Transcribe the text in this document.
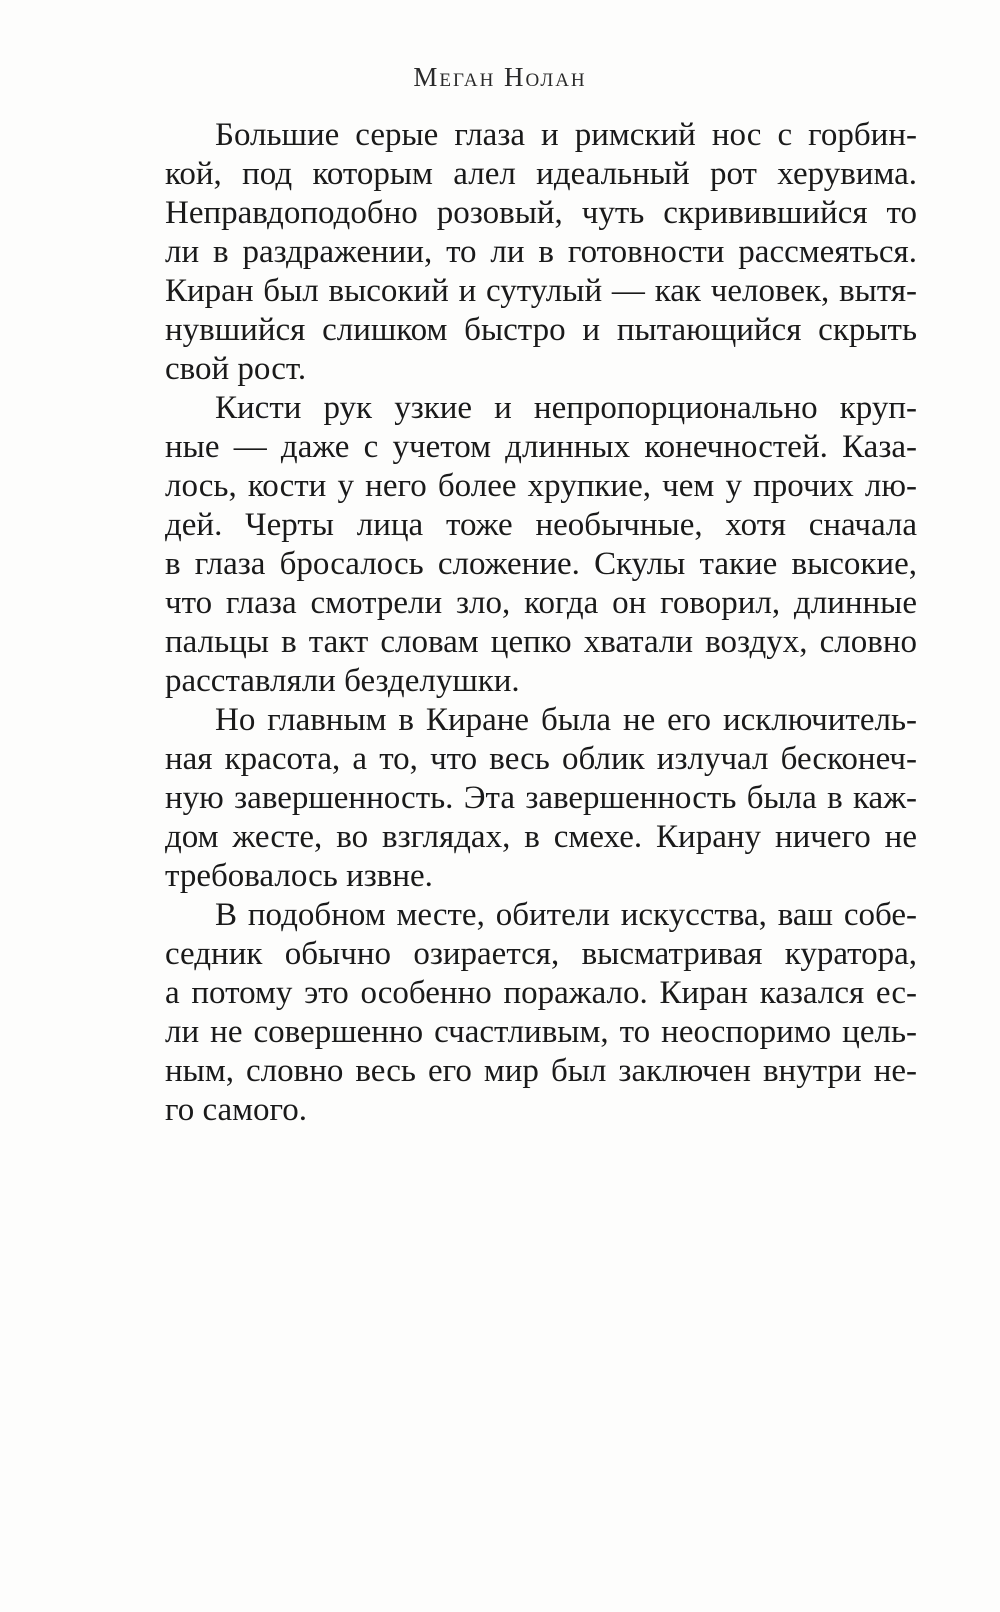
Меган Нолан
Большие серые глаза и римский нос с горбин-
кой, под которым алел идеальный рот херувима.
Неправдоподобно розовый, чуть скривившийся то
ли в раздражении, то ли в готовности рассмеяться.
Киран был высокий и сутулый — как человек, вытя-
нувшийся слишком быстро и пытающийся скрыть
свой рост.
Кисти рук узкие и непропорционально круп-
ные — даже с учетом длинных конечностей. Каза-
лось, кости у него более хрупкие, чем у прочих лю-
дей. Черты лица тоже необычные, хотя сначала
в глаза бросалось сложение. Скулы такие высокие,
что глаза смотрели зло, когда он говорил, длинные
пальцы в такт словам цепко хватали воздух, словно
расставляли безделушки.
Но главным в Киране была не его исключитель-
ная красота, а то, что весь облик излучал бесконеч-
ную завершенность. Эта завершенность была в каж-
дом жесте, во взглядах, в смехе. Кирану ничего не
требовалось извне.
В подобном месте, обители искусства, ваш собе-
седник обычно озирается, высматривая куратора,
а потому это особенно поражало. Киран казался ес-
ли не совершенно счастливым, то неоспоримо цель-
ным, словно весь его мир был заключен внутри не-
го самого.
